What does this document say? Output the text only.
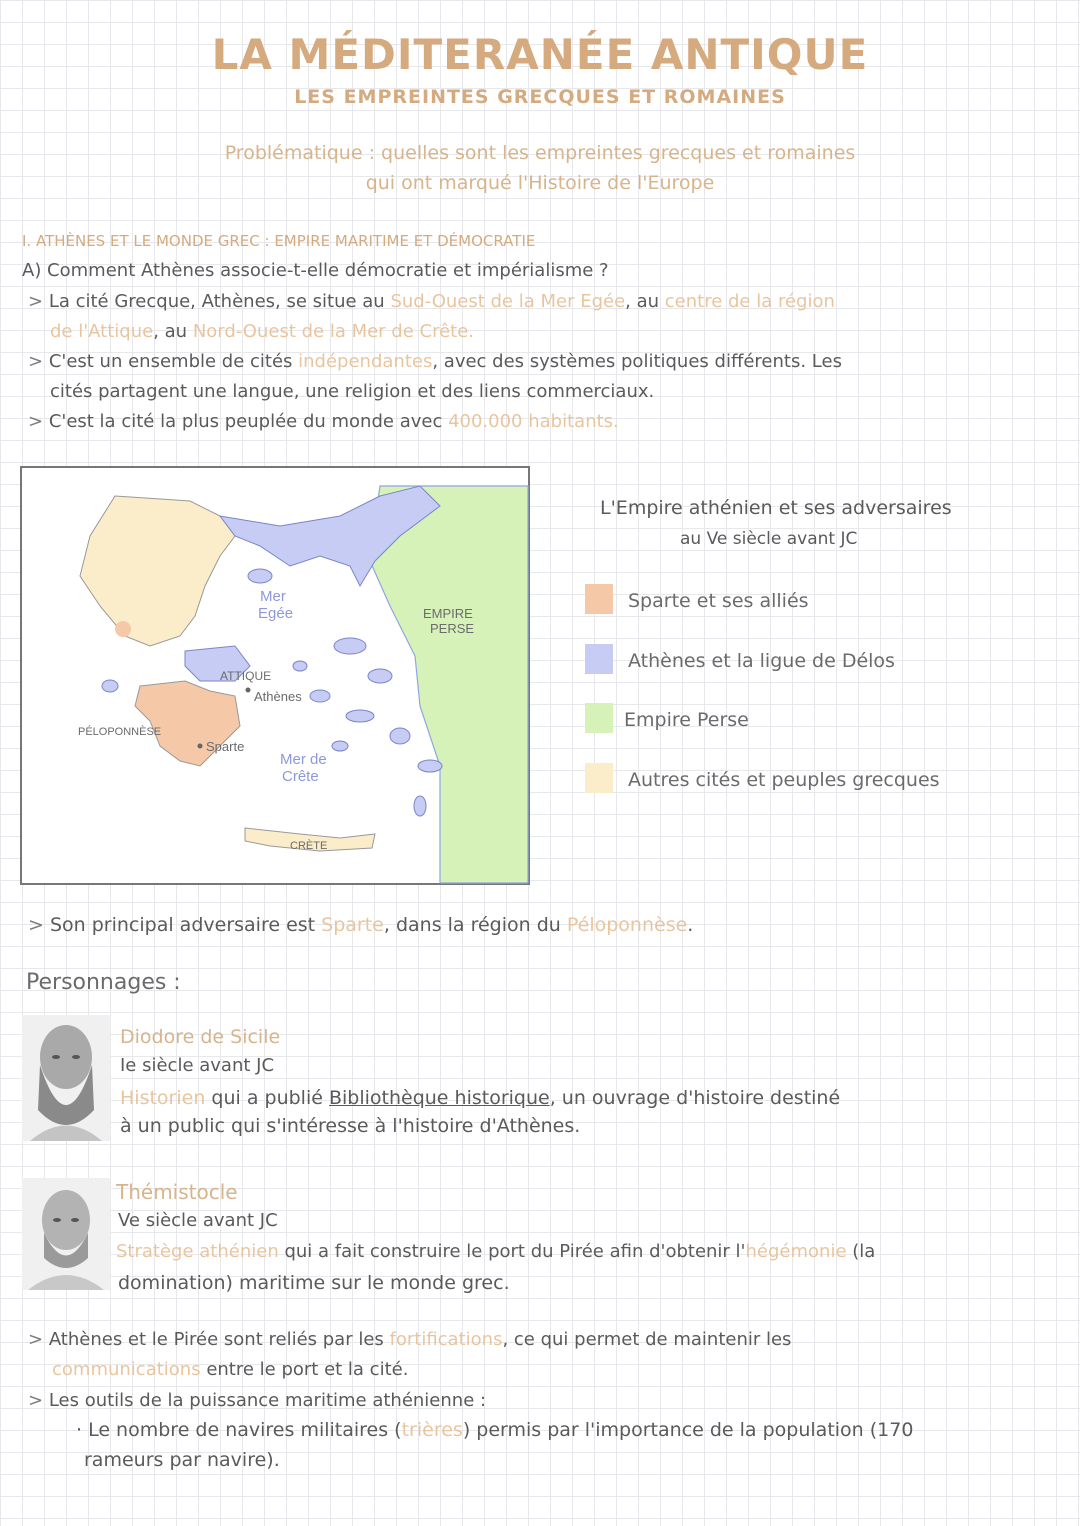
LA MÉDITERANÉE ANTIQUE
LES EMPREINTES GRECQUES ET ROMAINES
Problématique : quelles sont les empreintes grecques et romaines
qui ont marqué l'Histoire de l'Europe
I. ATHÈNES ET LE MONDE GREC : EMPIRE MARITIME ET DÉMOCRATIE
A) Comment Athènes associe-t-elle démocratie et impérialisme ?
> La cité Grecque, Athènes, se situe au Sud-Ouest de la Mer Egée, au centre de la région
de l'Attique, au Nord-Ouest de la Mer de Crête.
> C'est un ensemble de cités indépendantes, avec des systèmes politiques différents. Les
cités partagent une langue, une religion et des liens commerciaux.
> C'est la cité la plus peuplée du monde avec 400.000 habitants.
Mer
Egée	EMPIRE
PERSE
ATTIQUE
Athènes
PÉLOPONNÈSE
Sparte
Mer de
Crête
CRÈTE
L'Empire athénien et ses adversaires
au Ve siècle avant JC
Sparte et ses alliés
Athènes et la ligue de Délos
Empire Perse
Autres cités et peuples grecques
> Son principal adversaire est Sparte, dans la région du Péloponnèse.
Personnages :
Diodore de Sicile
Ie siècle avant JC
Historien qui a publié Bibliothèque historique, un ouvrage d'histoire destiné
à un public qui s'intéresse à l'histoire d'Athènes.
Thémistocle
Ve siècle avant JC
Stratège athénien qui a fait construire le port du Pirée afin d'obtenir l'hégémonie (la
domination) maritime sur le monde grec.
> Athènes et le Pirée sont reliés par les fortifications, ce qui permet de maintenir les
communications entre le port et la cité.
> Les outils de la puissance maritime athénienne :
· Le nombre de navires militaires (trières) permis par l'importance de la population (170
rameurs par navire).
